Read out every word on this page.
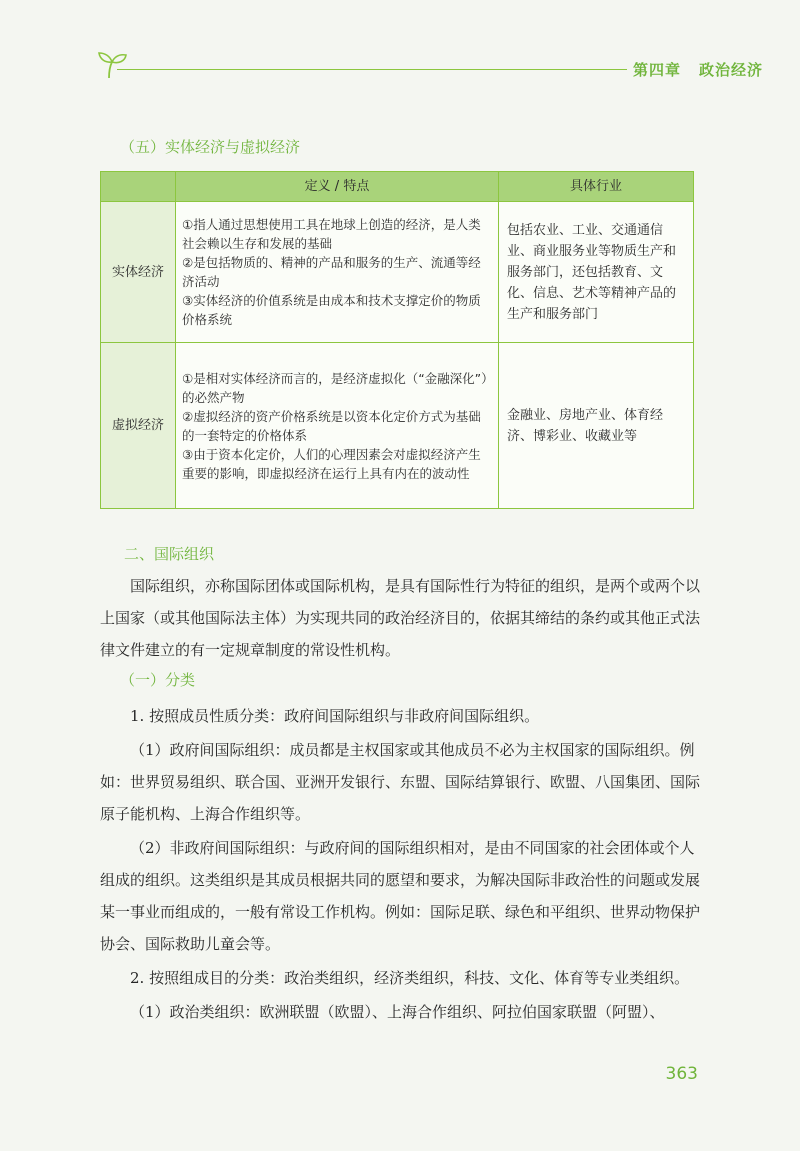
第四章 政治经济
（五）实体经济与虚拟经济
	定义 / 特点	具体行业
实体经济	①指人通过思想使用工具在地球上创造的经济，是人类社会赖以生存和发展的基础

②是包括物质的、精神的产品和服务的生产、流通等经济活动

③实体经济的价值系统是由成本和技术支撑定价的物质价格系统	包括农业、工业、交通通信业、商业服务业等物质生产和服务部门，还包括教育、文化、信息、艺术等精神产品的生产和服务部门
虚拟经济	①是相对实体经济而言的，是经济虚拟化（“金融深化”）的必然产物

②虚拟经济的资产价格系统是以资本化定价方式为基础的一套特定的价格体系

③由于资本化定价，人们的心理因素会对虚拟经济产生重要的影响，即虚拟经济在运行上具有内在的波动性	金融业、房地产业、体育经济、博彩业、收藏业等
二、国际组织

国际组织，亦称国际团体或国际机构，是具有国际性行为特征的组织，是两个或两个以上国家（或其他国际法主体）为实现共同的政治经济目的，依据其缔结的条约或其他正式法律文件建立的有一定规章制度的常设性机构。

（一）分类

1. 按照成员性质分类：政府间国际组织与非政府间国际组织。

（1）政府间国际组织：成员都是主权国家或其他成员不必为主权国家的国际组织。例如：世界贸易组织、联合国、亚洲开发银行、东盟、国际结算银行、欧盟、八国集团、国际原子能机构、上海合作组织等。

（2）非政府间国际组织：与政府间的国际组织相对，是由不同国家的社会团体或个人组成的组织。这类组织是其成员根据共同的愿望和要求，为解决国际非政治性的问题或发展某一事业而组成的，一般有常设工作机构。例如：国际足联、绿色和平组织、世界动物保护协会、国际救助儿童会等。

2. 按照组成目的分类：政治类组织，经济类组织，科技、文化、体育等专业类组织。

（1）政治类组织：欧洲联盟（欧盟）、上海合作组织、阿拉伯国家联盟（阿盟）、

363
